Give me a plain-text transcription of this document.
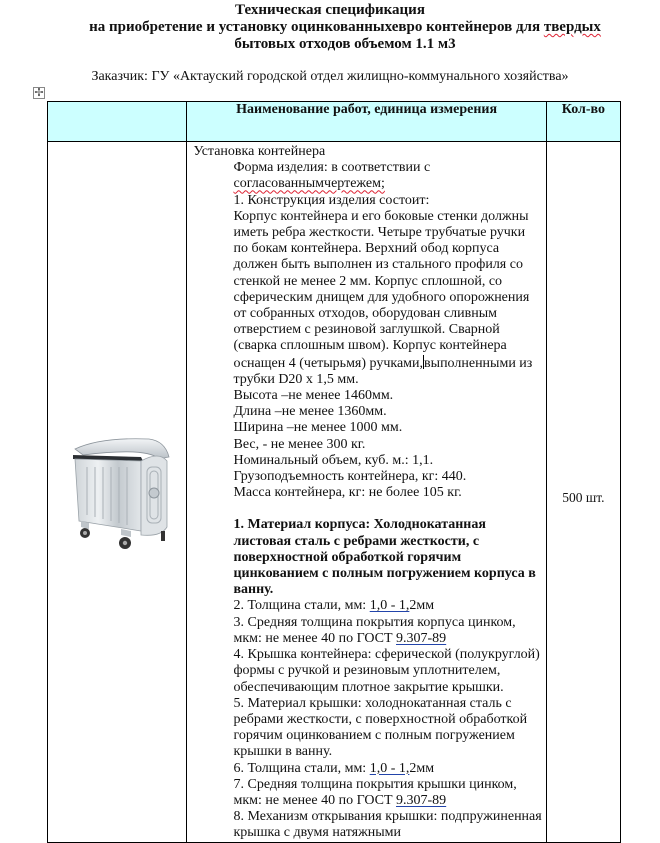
Техническая спецификация
на приобретение и установку оцинкованныхевро контейнеров для твердых
бытовых отходов объемом 1.1 м3
Заказчик: ГУ «Актауский городской отдел жилищно-коммунального хозяйства»
✢
	Наименование работ, единица измерения	Кол-во

	Установка контейнера
Форма изделия: в соответствии с
согласованнымчертежем;
1. Конструкция изделия состоит:
Корпус контейнера и его боковые стенки должны иметь ребра жесткости. Четыре трубчатые ручки по бокам контейнера. Верхний обод корпуса должен быть выполнен из стального профиля со стенкой не менее 2 мм. Корпус сплошной, со сферическим днищем для удобного опорожнения от собранных отходов, оборудован сливным отверстием с резиновой заглушкой. Сварной (сварка сплошным швом). Корпус контейнера оснащен 4 (четырьмя) ручками,выполненными из трубки D20 х 1,5 мм.
Высота –не менее 1460мм.
Длина –не менее 1360мм.
Ширина –не менее 1000 мм.
Вес, - не менее 300 кг.
Номинальный объем, куб. м.: 1,1.
Грузоподъемность контейнера, кг: 440.
Масса контейнера, кг: не более 105 кг.
1. Материал корпуса: Холоднокатанная листовая сталь с ребрами жесткости, с поверхностной обработкой горячим цинкованием с полным погружением корпуса в ванну.
2. Толщина стали, мм: 1,0 - 1,2мм
3. Средняя толщина покрытия корпуса цинком, мкм: не менее 40 по ГОСТ 9.307-89
4. Крышка контейнера: сферической (полукруглой) формы с ручкой и резиновым уплотнителем, обеспечивающим плотное закрытие крышки.
5. Материал крышки: холоднокатанная сталь с ребрами жесткости, с поверхностной обработкой горячим оцинкованием с полным погружением крышки в ванну.
6. Толщина стали, мм: 1,0 - 1,2мм
7. Средняя толщина покрытия крышки цинком, мкм: не менее 40 по ГОСТ 9.307-89
8. Механизм открывания крышки: подпружиненная крышка с двумя натяжными
	500 шт.
